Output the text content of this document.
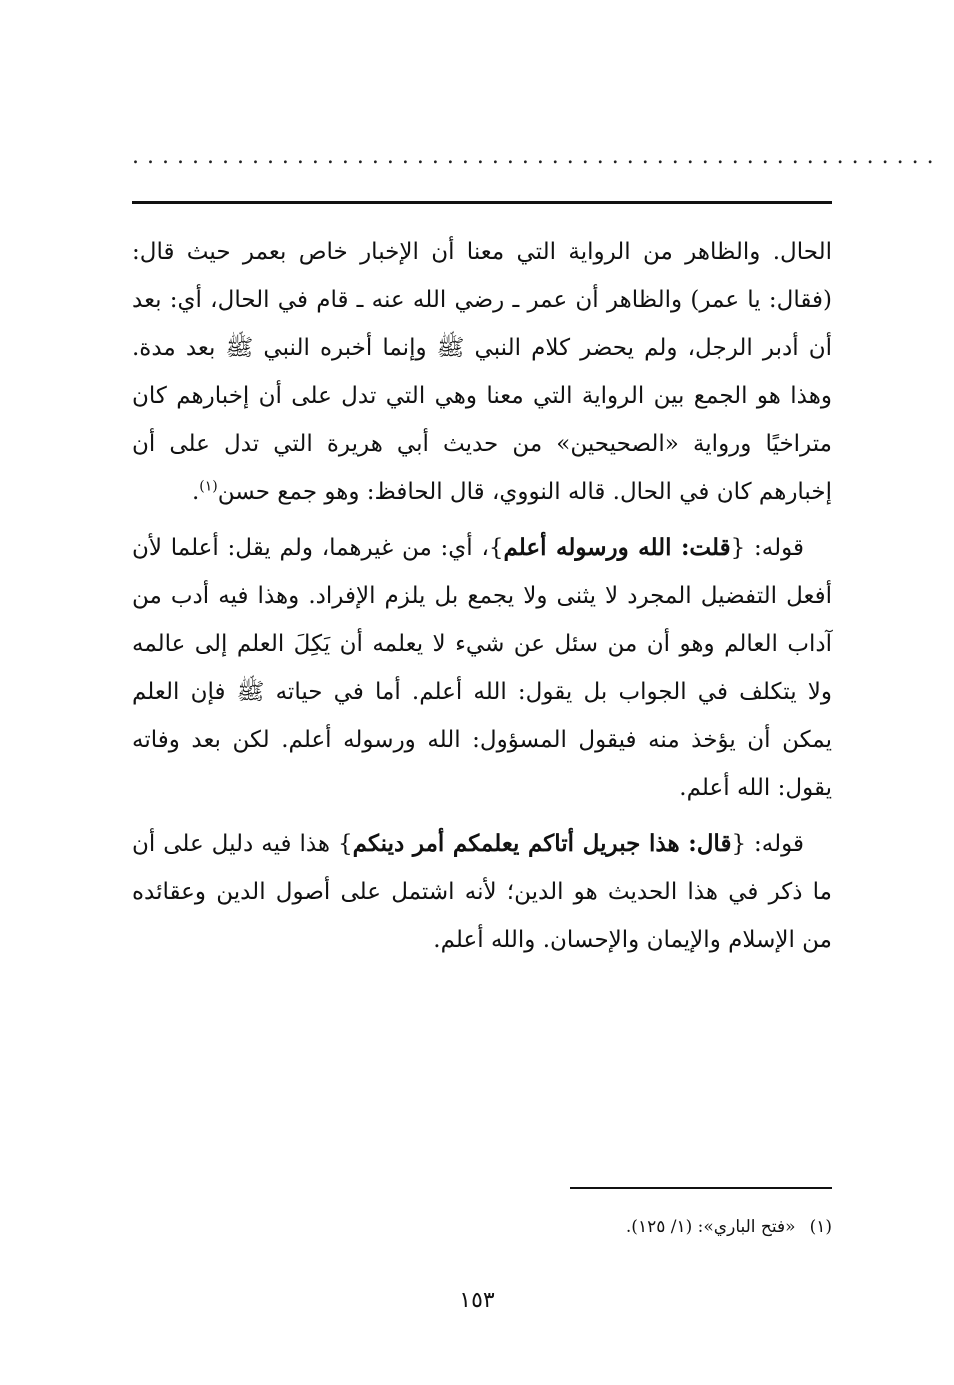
......................................................

الحال. والظاهر من الرواية التي معنا أن الإخبار خاص بعمر حيث قال: (فقال: يا عمر) والظاهر أن عمر ـ رضي الله عنه ـ قام في الحال، أي: بعد أن أدبر الرجل، ولم يحضر كلام النبي ﷺ وإنما أخبره النبي ﷺ بعد مدة. وهذا هو الجمع بين الرواية التي معنا وهي التي تدل على أن إخبارهم كان متراخيًا ورواية «الصحيحين» من حديث أبي هريرة التي تدل على أن إخبارهم كان في الحال. قاله النووي، قال الحافظ: وهو جمع حسن$^{(١)}$.

قوله: {قلت: الله ورسوله أعلم}، أي: من غيرهما، ولم يقل: أعلما لأن أفعل التفضيل المجرد لا يثنى ولا يجمع بل يلزم الإفراد. وهذا فيه أدب من آداب العالم وهو أن من سئل عن شيء لا يعلمه أن يَكِلَ العلم إلى عالمه ولا يتكلف في الجواب بل يقول: الله أعلم. أما في حياته ﷺ فإن العلم يمكن أن يؤخذ منه فيقول المسؤول: الله ورسوله أعلم. لكن بعد وفاته يقول: الله أعلم.

قوله: {قال: هذا جبريل أتاكم يعلمكم أمر دينكم} هذا فيه دليل على أن ما ذكر في هذا الحديث هو الدين؛ لأنه اشتمل على أصول الدين وعقائده من الإسلام والإيمان والإحسان. والله أعلم.

(١)«فتح الباري»: (١/ ١٢٥).
١٥٣
